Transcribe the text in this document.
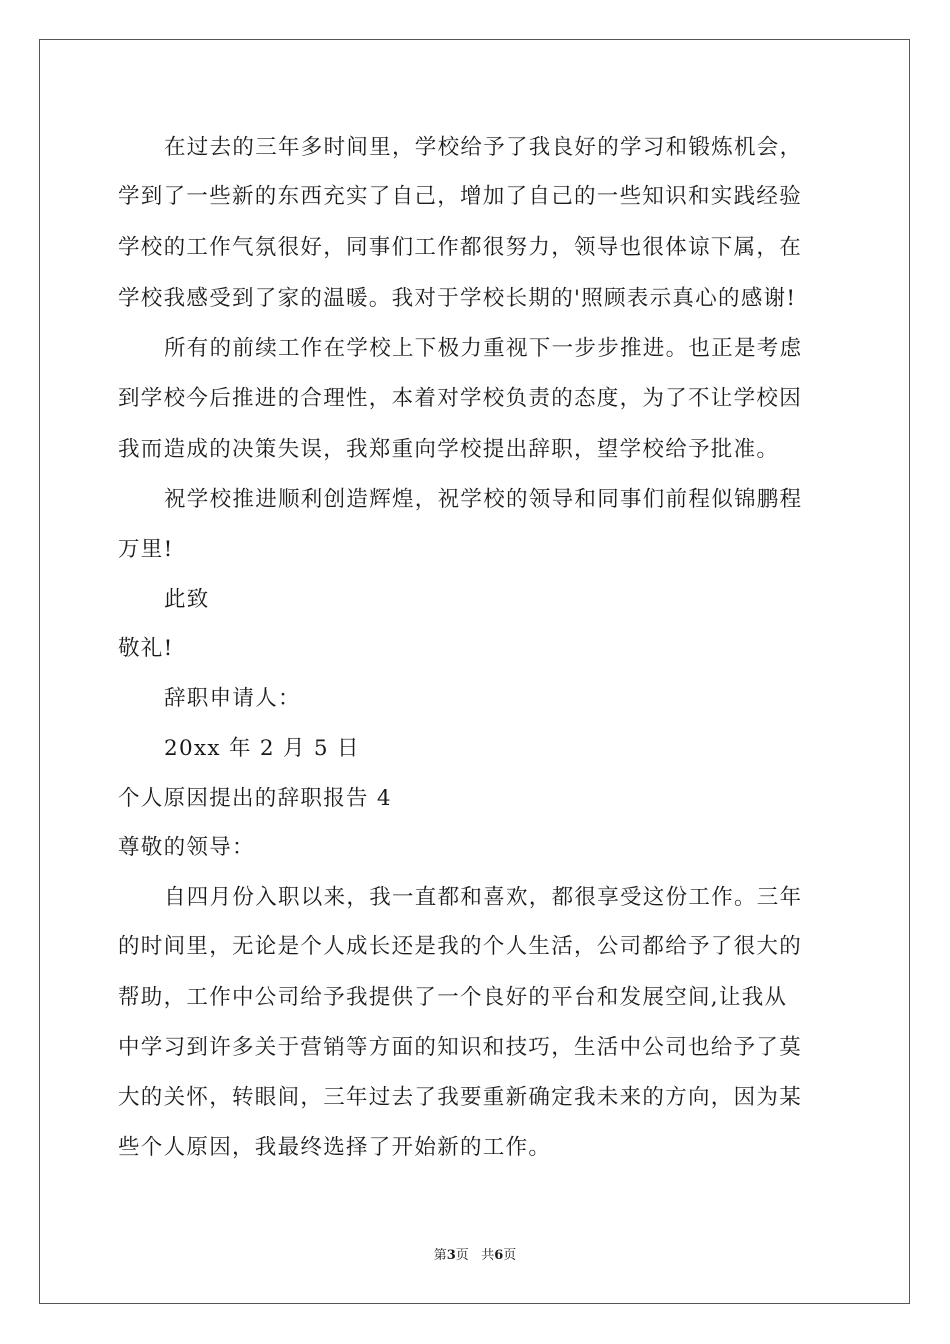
在过去的三年多时间里，学校给予了我良好的学习和锻炼机会，
学到了一些新的东西充实了自己，增加了自己的一些知识和实践经验
学校的工作气氛很好，同事们工作都很努力，领导也很体谅下属，在
学校我感受到了家的温暖。我对于学校长期的'照顾表示真心的感谢!
所有的前续工作在学校上下极力重视下一步步推进。也正是考虑
到学校今后推进的合理性，本着对学校负责的态度，为了不让学校因
我而造成的决策失误，我郑重向学校提出辞职，望学校给予批准。
祝学校推进顺利创造辉煌，祝学校的领导和同事们前程似锦鹏程
万里!
此致
敬礼!
辞职申请人：
20xx 年 2 月 5 日
个人原因提出的辞职报告 4
尊敬的领导：
自四月份入职以来，我一直都和喜欢，都很享受这份工作。三年
的时间里，无论是个人成长还是我的个人生活，公司都给予了很大的
帮助，工作中公司给予我提供了一个良好的平台和发展空间,让我从
中学习到许多关于营销等方面的知识和技巧，生活中公司也给予了莫
大的关怀，转眼间，三年过去了我要重新确定我未来的方向，因为某
些个人原因，我最终选择了开始新的工作。
第3页 共6页
